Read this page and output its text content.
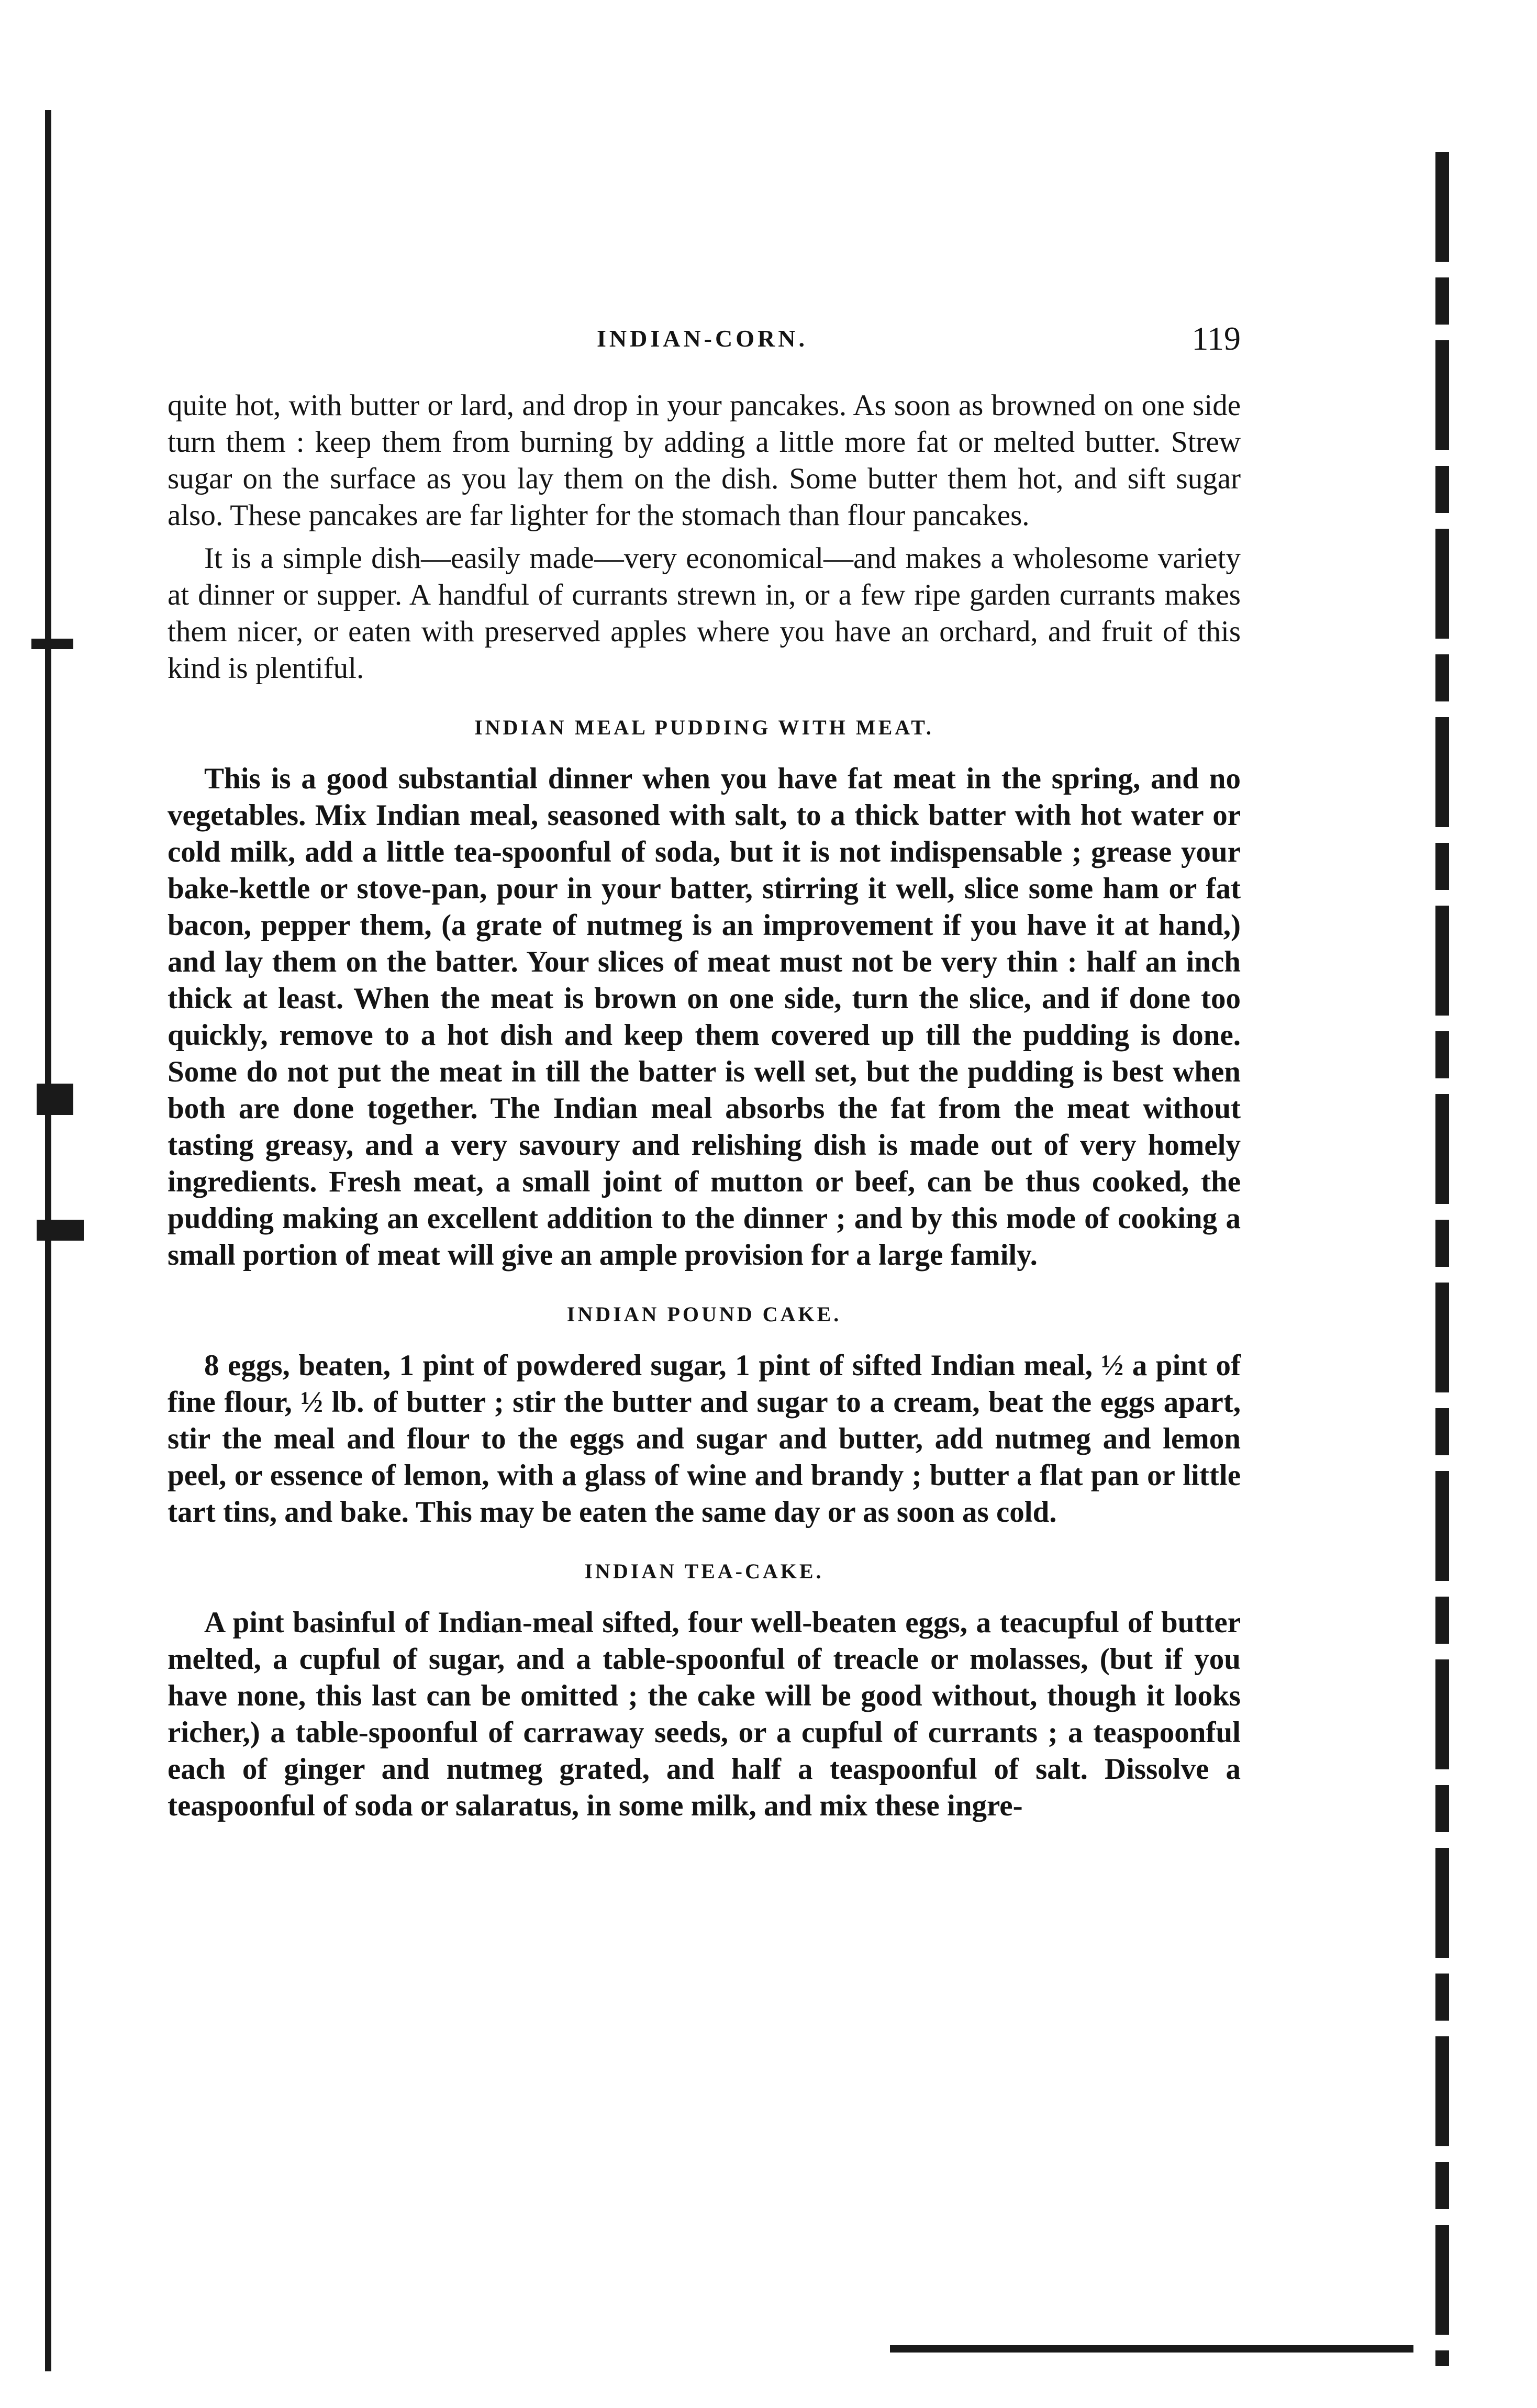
INDIAN-CORN.	119

quite hot, with butter or lard, and drop in your pancakes. As soon as browned on one side turn them : keep them from burning by adding a little more fat or melted butter. Strew sugar on the surface as you lay them on the dish. Some butter them hot, and sift sugar also. These pancakes are far lighter for the stomach than flour pancakes.

It is a simple dish—easily made—very economical—and makes a wholesome variety at dinner or supper. A handful of currants strewn in, or a few ripe garden currants makes them nicer, or eaten with preserved apples where you have an orchard, and fruit of this kind is plentiful.

INDIAN MEAL PUDDING WITH MEAT.

This is a good substantial dinner when you have fat meat in the spring, and no vegetables. Mix Indian meal, seasoned with salt, to a thick batter with hot water or cold milk, add a little tea-spoonful of soda, but it is not indispensable ; grease your bake-kettle or stove-pan, pour in your batter, stirring it well, slice some ham or fat bacon, pepper them, (a grate of nutmeg is an improvement if you have it at hand,) and lay them on the batter. Your slices of meat must not be very thin : half an inch thick at least. When the meat is brown on one side, turn the slice, and if done too quickly, remove to a hot dish and keep them covered up till the pudding is done. Some do not put the meat in till the batter is well set, but the pudding is best when both are done together. The Indian meal absorbs the fat from the meat without tasting greasy, and a very savoury and relishing dish is made out of very homely ingredients. Fresh meat, a small joint of mutton or beef, can be thus cooked, the pudding making an excellent addition to the dinner ; and by this mode of cooking a small portion of meat will give an ample provision for a large family.

INDIAN POUND CAKE.

8 eggs, beaten, 1 pint of powdered sugar, 1 pint of sifted Indian meal, ½ a pint of fine flour, ½ lb. of butter ; stir the butter and sugar to a cream, beat the eggs apart, stir the meal and flour to the eggs and sugar and butter, add nutmeg and lemon peel, or essence of lemon, with a glass of wine and brandy ; butter a flat pan or little tart tins, and bake. This may be eaten the same day or as soon as cold.

INDIAN TEA-CAKE.

A pint basinful of Indian-meal sifted, four well-beaten eggs, a teacupful of butter melted, a cupful of sugar, and a table-spoonful of treacle or molasses, (but if you have none, this last can be omitted ; the cake will be good without, though it looks richer,) a table-spoonful of carraway seeds, or a cupful of currants ; a teaspoonful each of ginger and nutmeg grated, and half a teaspoonful of salt. Dissolve a teaspoonful of soda or salaratus, in some milk, and mix these ingre-
